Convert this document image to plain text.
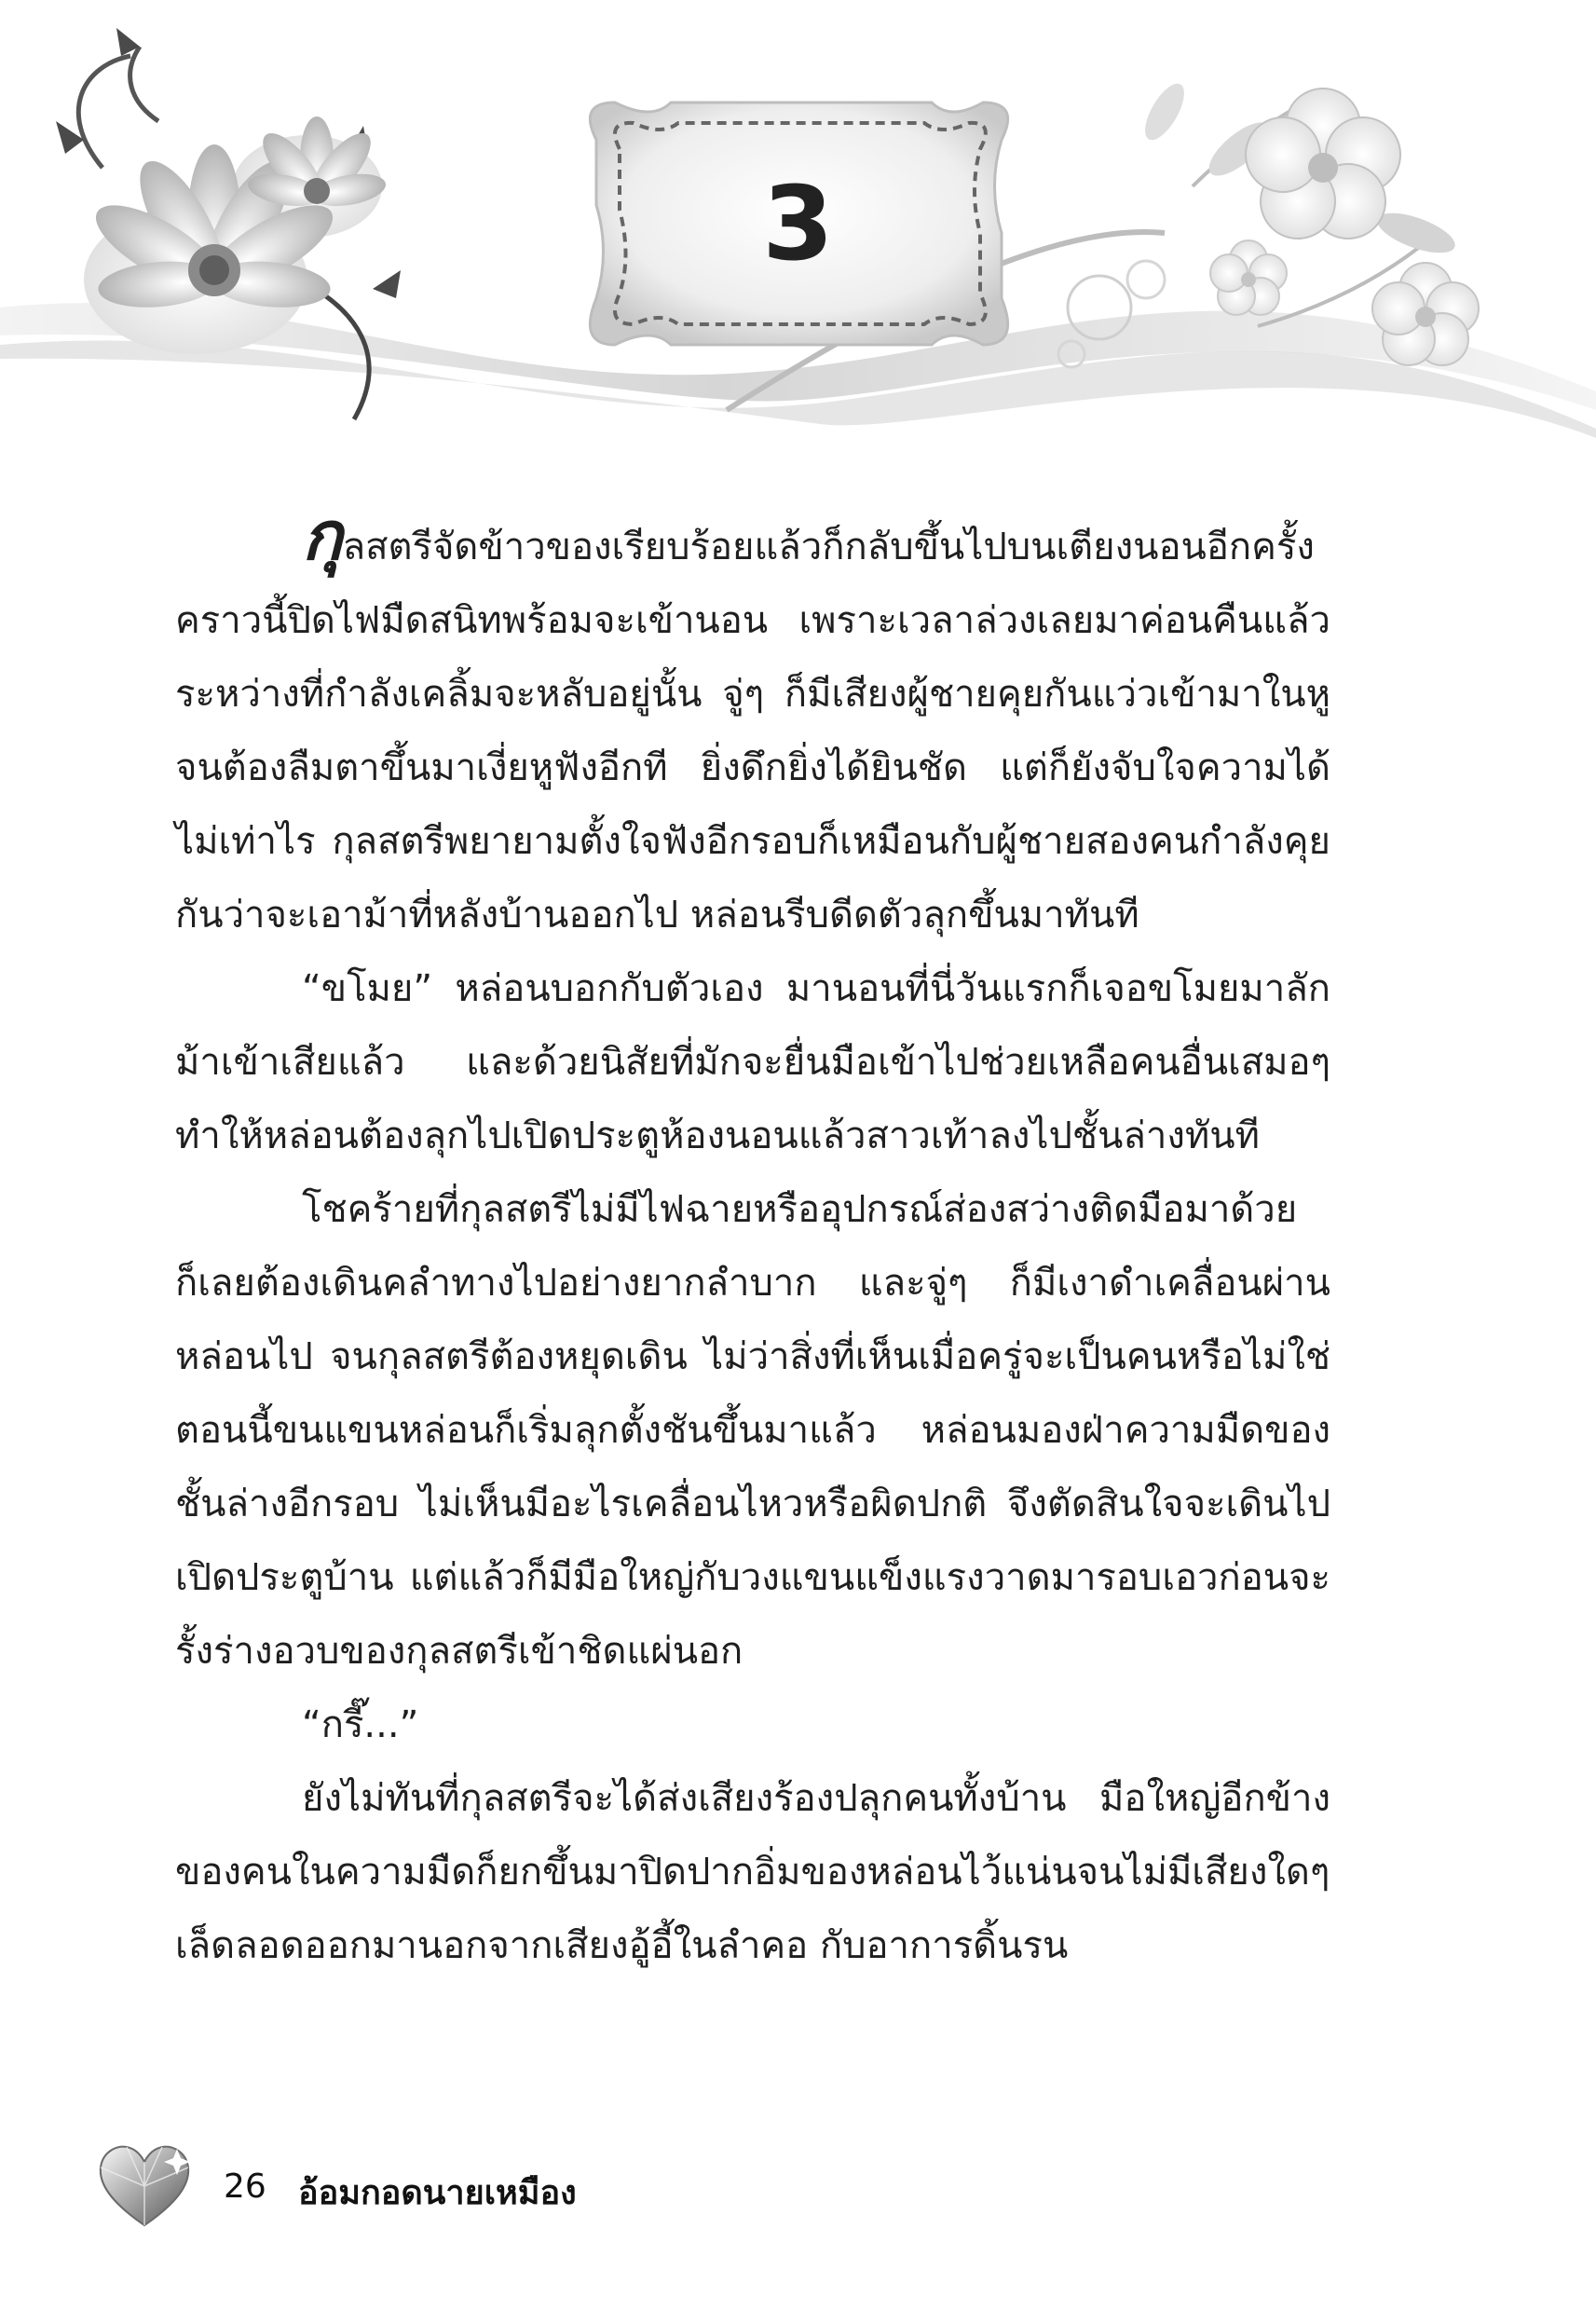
3

กุลสตรีจัดข้าวของเรียบร้อยแล้วก็กลับขึ้นไปบนเตียงนอนอีกครั้ง คราวนี้ปิดไฟมืดสนิทพร้อมจะเข้านอน เพราะเวลาล่วงเลยมาค่อนคืนแล้ว ระหว่างที่กำลังเคลิ้มจะหลับอยู่นั้น จู่ๆ ก็มีเสียงผู้ชายคุยกันแว่วเข้ามาในหู จนต้องลืมตาขึ้นมาเงี่ยหูฟังอีกที ยิ่งดึกยิ่งได้ยินชัด แต่ก็ยังจับใจความได้ไม่เท่าไร กุลสตรีพยายามตั้งใจฟังอีกรอบก็เหมือนกับผู้ชายสองคนกำลังคุยกันว่าจะเอาม้าที่หลังบ้านออกไป หล่อนรีบดีดตัวลุกขึ้นมาทันที

“ขโมย” หล่อนบอกกับตัวเอง มานอนที่นี่วันแรกก็เจอขโมยมาลักม้าเข้าเสียแล้ว และด้วยนิสัยที่มักจะยื่นมือเข้าไปช่วยเหลือคนอื่นเสมอๆ ทำให้หล่อนต้องลุกไปเปิดประตูห้องนอนแล้วสาวเท้าลงไปชั้นล่างทันที

โชคร้ายที่กุลสตรีไม่มีไฟฉายหรืออุปกรณ์ส่องสว่างติดมือมาด้วย ก็เลยต้องเดินคลำทางไปอย่างยากลำบาก และจู่ๆ ก็มีเงาดำเคลื่อนผ่านหล่อนไป จนกุลสตรีต้องหยุดเดิน ไม่ว่าสิ่งที่เห็นเมื่อครู่จะเป็นคนหรือไม่ใช่ ตอนนี้ขนแขนหล่อนก็เริ่มลุกตั้งชันขึ้นมาแล้ว หล่อนมองฝ่าความมืดของชั้นล่างอีกรอบ ไม่เห็นมีอะไรเคลื่อนไหวหรือผิดปกติ จึงตัดสินใจจะเดินไปเปิดประตูบ้าน แต่แล้วก็มีมือใหญ่กับวงแขนแข็งแรงวาดมารอบเอวก่อนจะรั้งร่างอวบของกุลสตรีเข้าชิดแผ่นอก

“กรี๊...”

ยังไม่ทันที่กุลสตรีจะได้ส่งเสียงร้องปลุกคนทั้งบ้าน มือใหญ่อีกข้างของคนในความมืดก็ยกขึ้นมาปิดปากอิ่มของหล่อนไว้แน่นจนไม่มีเสียงใดๆ เล็ดลอดออกมานอกจากเสียงอู้อี้ในลำคอ กับอาการดิ้นรน

26 อ้อมกอดนายเหมือง
